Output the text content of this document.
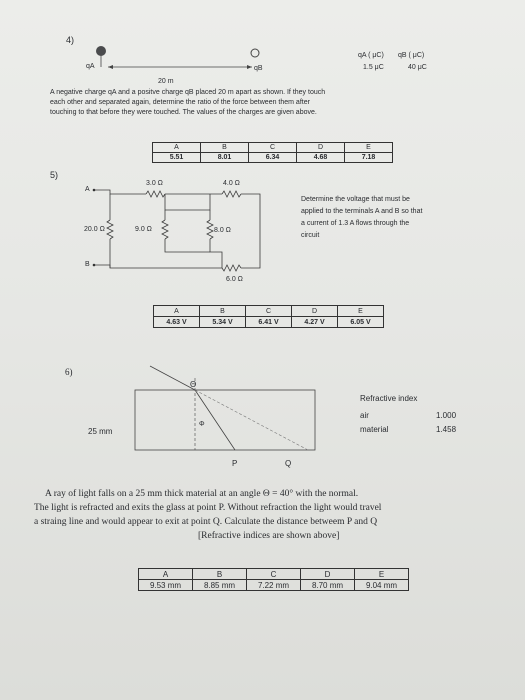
4)
qA	qB
20 m
qA ( μC) qB ( μC)
1.5 μC	40 μC
A negative charge qA and a positve charge qB placed 20 m apart as shown. If they touch
each other and separated again, determine the ratio of the force between them after
touching to that before they were touched. The values of the charges are given above.
A	B	C	D	E
5.51	8.01	6.34	4.68	7.18
5)
A
B
3.0 Ω	4.0 Ω
20.0 Ω	9.0 Ω	8.0 Ω
6.0 Ω
Determine the voltage that must be
applied to the terminals A and B so that
a current of 1.3 A flows through the
circuit
A	B	C	D	E
4.63 V	5.34 V	6.41 V	4.27 V	6.05 V
6)
Θ
Φ
25 mm
P	Q
Refractive index
air	1.000
material	1.458
A ray of light falls on a 25 mm thick material at an angle Θ = 40° with the normal.
The light is refracted and exits the glass at point P. Without refraction the light would travel
a straing line and would appear to exit at point Q. Calculate the distance betweem P and Q
[Refractive indices are shown above]
A	B	C	D	E
9.53 mm	8.85 mm	7.22 mm	8.70 mm	9.04 mm
